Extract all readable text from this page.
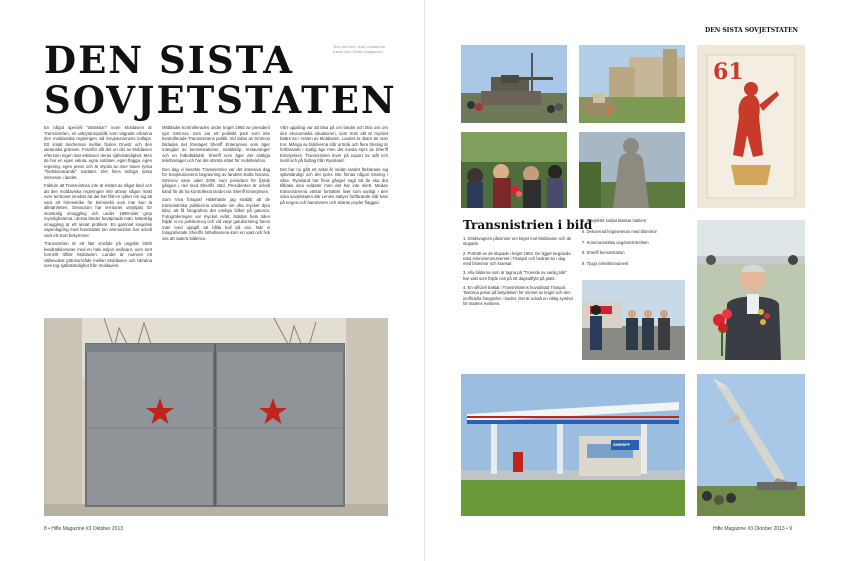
DEN SISTA
SOVJETSTATEN
Text och foto: Karl Lundström
(utom bild: Hirise Magazine)

En något speciell "attraktion" inom Moldavien är Transnistrien, en utbrytarrepublik som vägrade erkänna den moldaviska regeringen vid Sovjetunionens kollaps. Ett smalt landremsa mellan floden Dnestr och den ukrainska gränsen. Framför allt det en del av Moldavien eftersom ingen stat erkänner deras självständighet. Men de har en egen valuta, egna soldater, egen flagga, egen regering, egen press och är styrda av över tusen ryska "fredsbevarande" soldater. Det finns många ryska intressen i landet.

Faktum att Transnistrien inte är erkänt av något land och att den moldaviska regeringen inte utövar någon makt över territoriet innebär att det har fått en ryktet om sig att vara ett himmelrike för kriminella som inte kan lä allmänheten. Dessutom har territoriet utnyttjats för storskalig smuggling och under 1990-talet grep myndigheterna i dessa länder beväpnade män. Mänsklig smuggling är ett annat problem. En gammal sovjetisk vapenlagring med hundratals ton ammunition har också varit ett stort bekymmer.

Transnistrien är ett litet område på ungefär 4000 kvadratkilometer med en halv miljon invånare, som rent formellt tillhör Moldavien. Landet är numera ett välbevakat gränsområde mellan Moldavien och Ukraina som tog självständighet från moldavien.

Mittbladet kontrollerades under kriget 1992 av president Igor Smirnov, som var ett politiskt parti som inte kontrollerade Transnistriens politik. Vid sidan av Smirnov bildades det företaget Sheriff Enterprises som äger mängder av bensinstationer, snabbköp, restauranger och en fotbollsklubb. Sheriff som äger det statliga teleföretaget och har det största nätet för mobiltelefoni.

Den dag vi besökte Transnistrien var det intensiva dag för Sovjetunionens begravning av landets stolta historia. Smirnov vann valet 2006 som president för fjärde gången i rad med Sheriffs stöd. Presidenten är också känd för att ha kontrollerat landet via Sheriff Enterprises.

Som Viva fotograf Hildehalde jag snabbt att de transnistriska politikerna värdade sin ofta mycket dyra bilar, att få fotografera det vanliga folket på gatorna. Fotograferingen var mycket svårt. Nästan hela tiden följde vi en poliskonvoj och vid varje gatukorsning fanns män med uppgift att hålla koll på oss. När vi fotograferade Sheriffs fotbollsarena kom en vakt och fick oss att radera bilderna.

Vårt uppdrag var att läsa på om landet och lära oss om den ekonomiska situationen, som trots allt är mycket bättre än i resten av Moldavien. Landet är rikare än man tror. Många av fabrikerna står orörda och flera företag är fortfarande i statlig ägo men det mesta styrs av Sheriff Enterprises. Transnistrien lever på export av stål och textil och på bidrag från Ryssland.

Det har nu gått ett antal år sedan landet förklarade sig självständigt och det tycks inte finnas någon lösning i sikte. Ryssland har flera gånger sagt att de ska dra tillbaka sina soldater men det har inte skett. Medan transnistrierna väntar fortsätter livet som vanligt i den sista sovjetstaten där Lenins statyer fortfarande står kvar på torgen och hammaren och skäran pryder flaggan.

8 • Hifle Magazine #3 Oktober 2013
DEN SISTA SOVJETSTATEN
61
Transnistrien i bild

1. Stridsvagnen påminner om kriget mot Moldavien och de stupade.

2. Porträtt av de stupade i kriget 1992. De ligger begravda nära minnesmonumentet i Tiraspol och hedras än i dag med blommor och kransar.

3. Alla bilderna som är tagna på "Truende av vanlig tolk" har vakt som följde oss på ett dagsutflykt på plats.

4. En officiell traktat i Transnistriens huvudstad Tiraspol. Tavlorna pekar på betydelsen för minnet av kriget och den inofficiella fotografen i landet. Det är också en viktig symbol för statens existens.

5. Sovjetiskt soldat klassar haklors

6. Dekorerad krigsveteran med blommor

7. Kommunistiska ungdomsrörelsen

8. Sheriff bensinstation

9. Tjugo missilmonument

SHERIFF
Hifle Magazine #3 Oktober 2013 • 9
